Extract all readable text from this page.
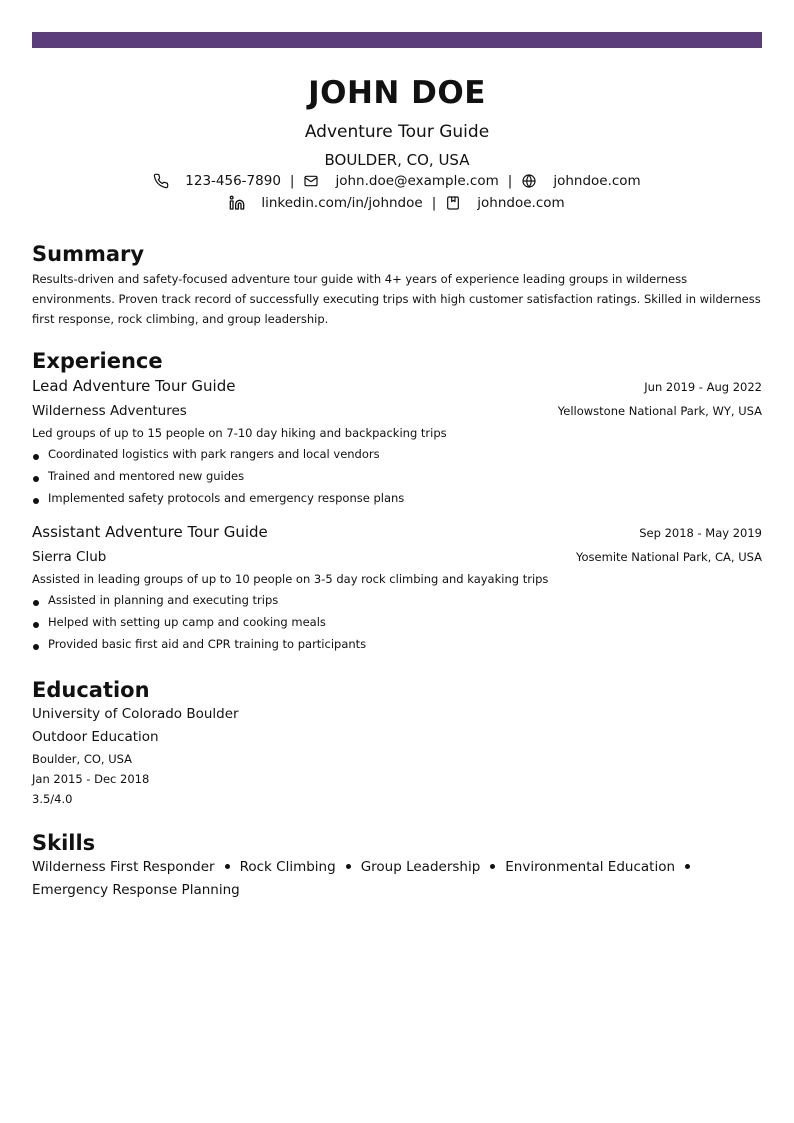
JOHN DOE
Adventure Tour Guide
BOULDER, CO, USA
123-456-7890 |	john.doe@example.com |	johndoe.com
linkedin.com/in/johndoe |	johndoe.com
Summary
Results-driven and safety-focused adventure tour guide with 4+ years of experience leading groups in wilderness environments. Proven track record of successfully executing trips with high customer satisfaction ratings. Skilled in wilderness first response, rock climbing, and group leadership.
Experience
Lead Adventure Tour Guide	Jun 2019 - Aug 2022
Wilderness Adventures	Yellowstone National Park, WY, USA
Led groups of up to 15 people on 7-10 day hiking and backpacking trips
Coordinated logistics with park rangers and local vendors
Trained and mentored new guides
Implemented safety protocols and emergency response plans
Assistant Adventure Tour Guide	Sep 2018 - May 2019
Sierra Club	Yosemite National Park, CA, USA
Assisted in leading groups of up to 10 people on 3-5 day rock climbing and kayaking trips
Assisted in planning and executing trips
Helped with setting up camp and cooking meals
Provided basic first aid and CPR training to participants
Education
University of Colorado Boulder
Outdoor Education
Boulder, CO, USA
Jan 2015 - Dec 2018
3.5/4.0
Skills
Wilderness First Responder Rock Climbing Group Leadership Environmental Education
Emergency Response Planning
